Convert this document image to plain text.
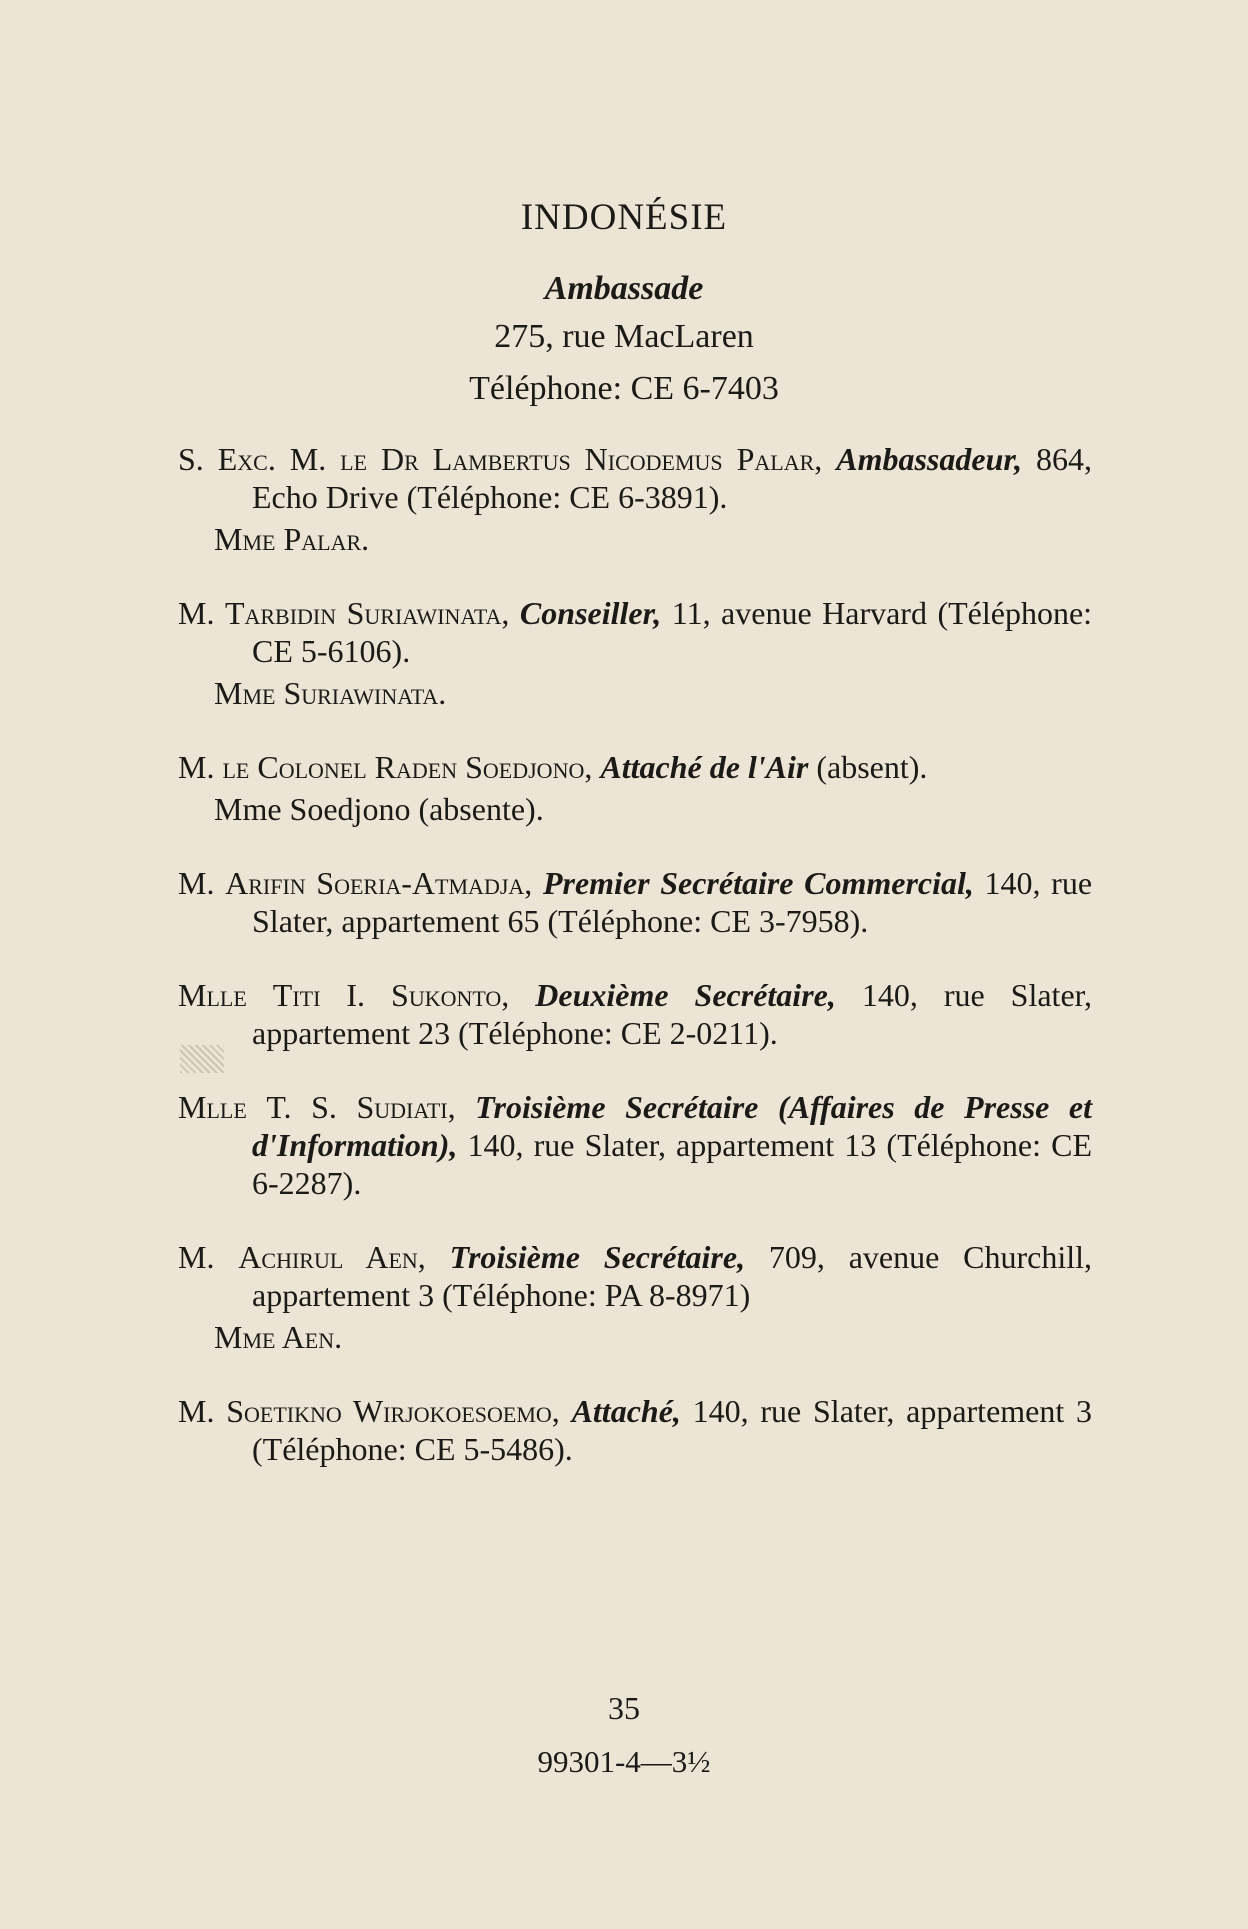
INDONÉSIE
Ambassade
275, rue MacLaren
Téléphone: CE 6-7403
S. Exc. M. le Dr Lambertus Nicodemus Palar, Ambassadeur, 864, Echo Drive (Téléphone: CE 6-3891).
Mme Palar.
M. Tarbidin Suriawinata, Conseiller, 11, avenue Harvard (Téléphone: CE 5-6106).
Mme Suriawinata.
M. le Colonel Raden Soedjono, Attaché de l'Air (absent).
Mme Soedjono (absente).
M. Arifin Soeria-Atmadja, Premier Secrétaire Commercial, 140, rue Slater, appartement 65 (Téléphone: CE 3-7958).
Mlle Titi I. Sukonto, Deuxième Secrétaire, 140, rue Slater, appartement 23 (Téléphone: CE 2-0211).
Mlle T. S. Sudiati, Troisième Secrétaire (Affaires de Presse et d'Information), 140, rue Slater, appartement 13 (Téléphone: CE 6-2287).
M. Achirul Aen, Troisième Secrétaire, 709, avenue Churchill, appartement 3 (Téléphone: PA 8-8971)
Mme Aen.
M. Soetikno Wirjokoesoemo, Attaché, 140, rue Slater, appartement 3 (Téléphone: CE 5-5486).
35
99301-4—3½
